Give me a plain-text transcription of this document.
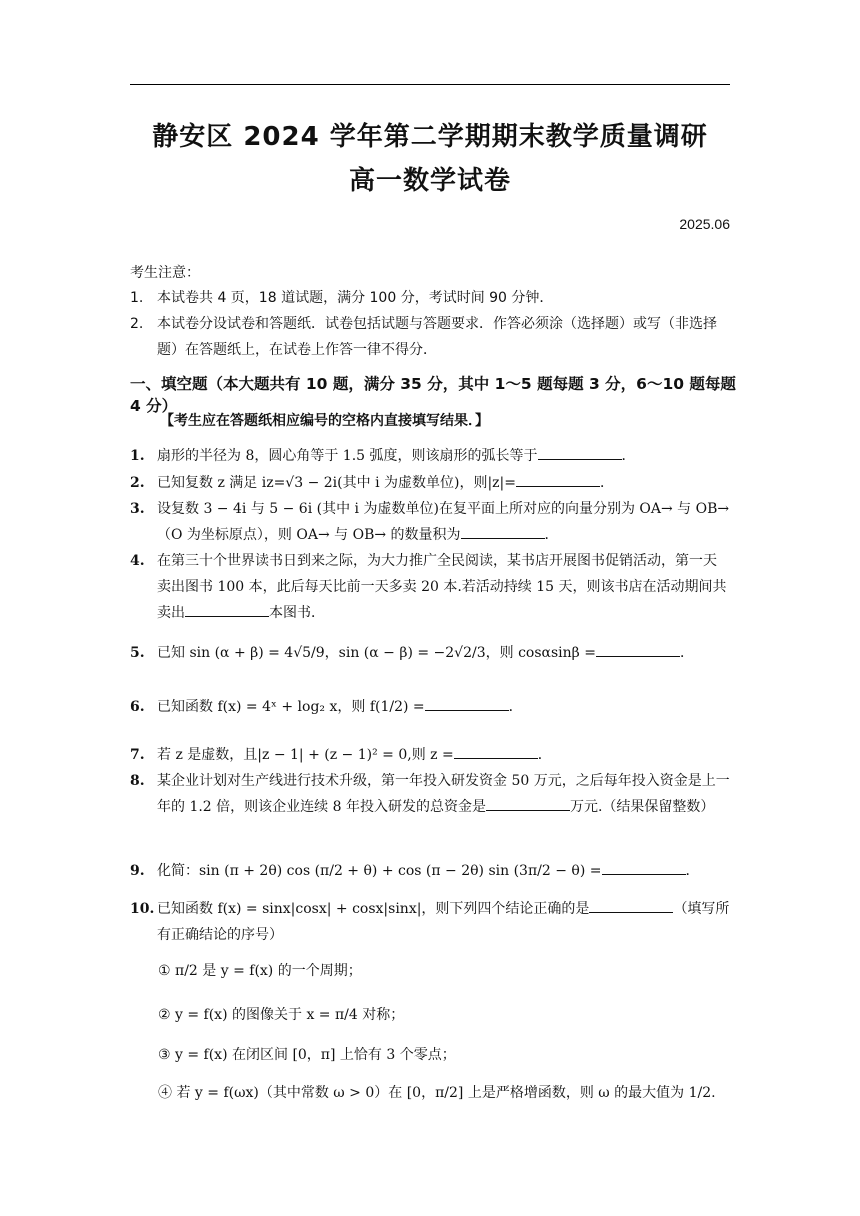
静安区 2024 学年第二学期期末教学质量调研
高一数学试卷
2025.06
考生注意：
1. 本试卷共 4 页，18 道试题，满分 100 分，考试时间 90 分钟．
2. 本试卷分设试卷和答题纸．试卷包括试题与答题要求．作答必须涂（选择题）或写（非选择题）在答题纸上，在试卷上作答一律不得分．
一、填空题（本大题共有 10 题，满分 35 分，其中 1～5 题每题 3 分，6～10 题每题 4 分）
【考生应在答题纸相应编号的空格内直接填写结果．】
1. 扇形的半径为 8，圆心角等于 1.5 弧度，则该扇形的弧长等于	．
2. 已知复数 z 满足 iz=√3 − 2i(其中 i 为虚数单位)，则|z|=	．
3. 设复数 3 − 4i 与 5 − 6i (其中 i 为虚数单位)在复平面上所对应的向量分别为 OA→ 与 OB→（O 为坐标原点），则 OA→ 与 OB→ 的数量积为	．
4. 在第三十个世界读书日到来之际，为大力推广全民阅读，某书店开展图书促销活动，第一天卖出图书 100 本，此后每天比前一天多卖 20 本.若活动持续 15 天，则该书店在活动期间共卖出	本图书．
5. 已知 sin (α + β) = 4√5/9，sin (α − β) = −2√2/3，则 cosαsinβ =	．
6. 已知函数 f(x) = 4ˣ + log₂ x，则 f(1/2) =	．
7. 若 z 是虚数，且|z − 1| + (z − 1)² = 0,则 z =	．
8. 某企业计划对生产线进行技术升级，第一年投入研发资金 50 万元，之后每年投入资金是上一年的 1.2 倍，则该企业连续 8 年投入研发的总资金是	万元.（结果保留整数）
9. 化简：sin (π + 2θ) cos (π/2 + θ) + cos (π − 2θ) sin (3π/2 − θ) =	．
10. 已知函数 f(x) = sinx|cosx| + cosx|sinx|，则下列四个结论正确的是	（填写所有正确结论的序号）
① π/2 是 y = f(x) 的一个周期；
② y = f(x) 的图像关于 x = π/4 对称；
③ y = f(x) 在闭区间 [0，π] 上恰有 3 个零点；
④ 若 y = f(ωx)（其中常数 ω > 0）在 [0，π/2] 上是严格增函数，则 ω 的最大值为 1/2.
